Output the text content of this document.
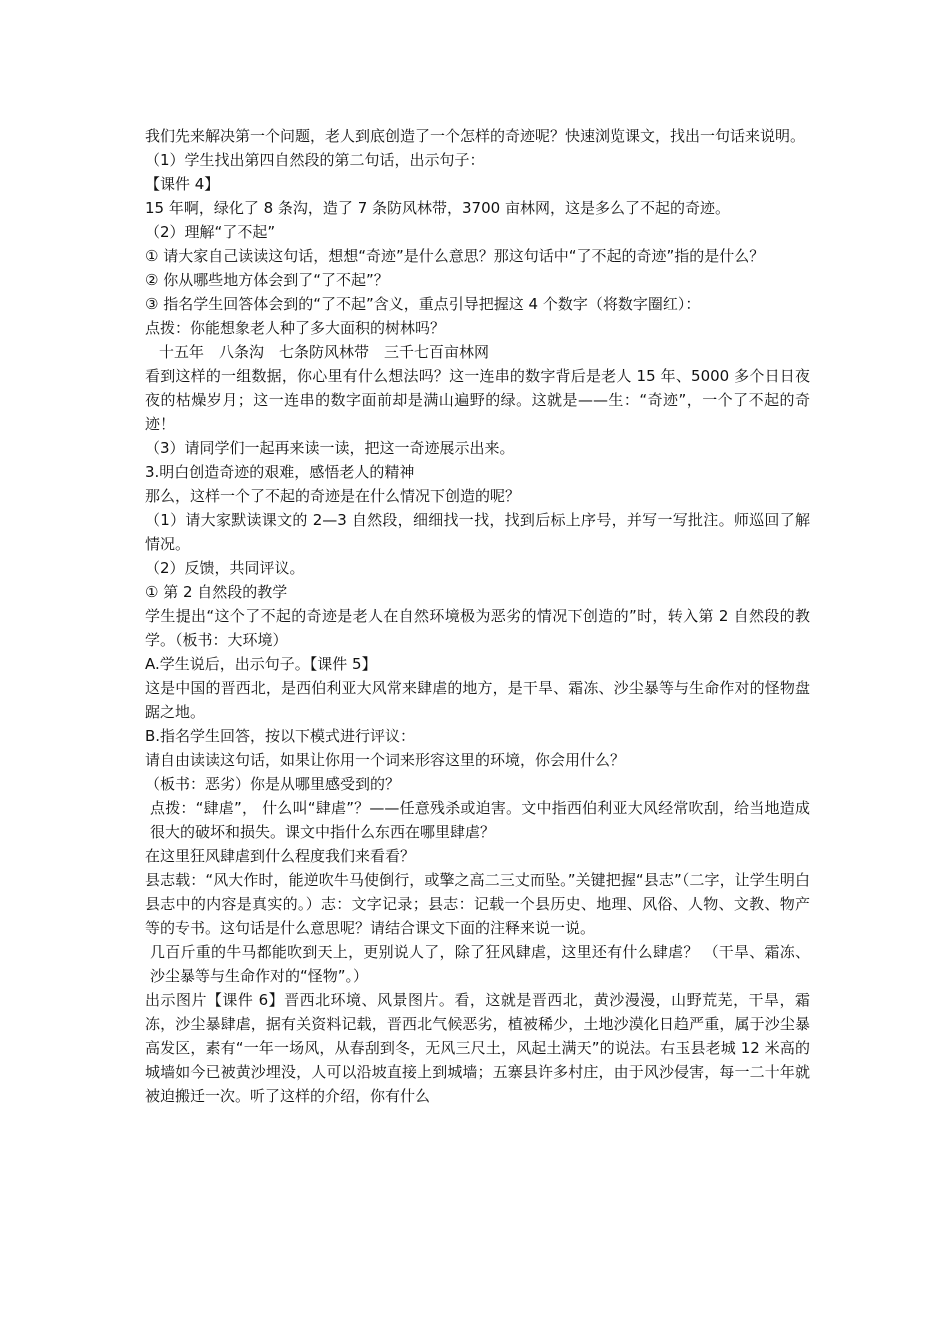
我们先来解决第一个问题，老人到底创造了一个怎样的奇迹呢？快速浏览课文，找出一句话来说明。

（1）学生找出第四自然段的第二句话，出示句子：

【课件 4】

15 年啊，绿化了 8 条沟，造了 7 条防风林带，3700 亩林网，这是多么了不起的奇迹。

（2）理解“了不起”

① 请大家自己读读这句话，想想“奇迹”是什么意思？那这句话中“了不起的奇迹”指的是什么？

② 你从哪些地方体会到了“了不起”？

③ 指名学生回答体会到的“了不起”含义，重点引导把握这 4 个数字（将数字圈红）：

点拨：你能想象老人种了多大面积的树林吗？

十五年　八条沟　七条防风林带　三千七百亩林网

看到这样的一组数据，你心里有什么想法吗？这一连串的数字背后是老人 15 年、5000 多个日日夜夜的枯燥岁月；这一连串的数字面前却是满山遍野的绿。这就是——生：“奇迹”，一个了不起的奇迹！

（3）请同学们一起再来读一读，把这一奇迹展示出来。

3.明白创造奇迹的艰难，感悟老人的精神

那么，这样一个了不起的奇迹是在什么情况下创造的呢？

（1）请大家默读课文的 2—3 自然段，细细找一找，找到后标上序号，并写一写批注。师巡回了解情况。

（2）反馈，共同评议。

① 第 2 自然段的教学

学生提出“这个了不起的奇迹是老人在自然环境极为恶劣的情况下创造的”时，转入第 2 自然段的教学。（板书：大环境）

A.学生说后，出示句子。【课件 5】

这是中国的晋西北，是西伯利亚大风常来肆虐的地方，是干旱、霜冻、沙尘暴等与生命作对的怪物盘踞之地。

B.指名学生回答，按以下模式进行评议：

请自由读读这句话，如果让你用一个词来形容这里的环境，你会用什么？

（板书：恶劣）你是从哪里感受到的？

点拨：“肆虐”， 什么叫“肆虐”？——任意残杀或迫害。文中指西伯利亚大风经常吹刮，给当地造成很大的破坏和损失。课文中指什么东西在哪里肆虐？

在这里狂风肆虐到什么程度我们来看看？

县志载：“风大作时，能逆吹牛马使倒行，或擎之高二三丈而坠。”关键把握“县志”（二字，让学生明白县志中的内容是真实的。）志：文字记录；县志：记载一个县历史、地理、风俗、人物、文教、物产等的专书。这句话是什么意思呢？请结合课文下面的注释来说一说。

几百斤重的牛马都能吹到天上，更别说人了，除了狂风肆虐，这里还有什么肆虐？ （干旱、霜冻、沙尘暴等与生命作对的“怪物”。）

出示图片【课件 6】晋西北环境、风景图片。看，这就是晋西北，黄沙漫漫，山野荒芜，干旱，霜冻，沙尘暴肆虐，据有关资料记载，晋西北气候恶劣，植被稀少，土地沙漠化日趋严重，属于沙尘暴高发区，素有“一年一场风，从春刮到冬，无风三尺土，风起土满天”的说法。右玉县老城 12 米高的城墙如今已被黄沙埋没，人可以沿坡直接上到城墙；五寨县许多村庄，由于风沙侵害，每一二十年就被迫搬迁一次。听了这样的介绍，你有什么
